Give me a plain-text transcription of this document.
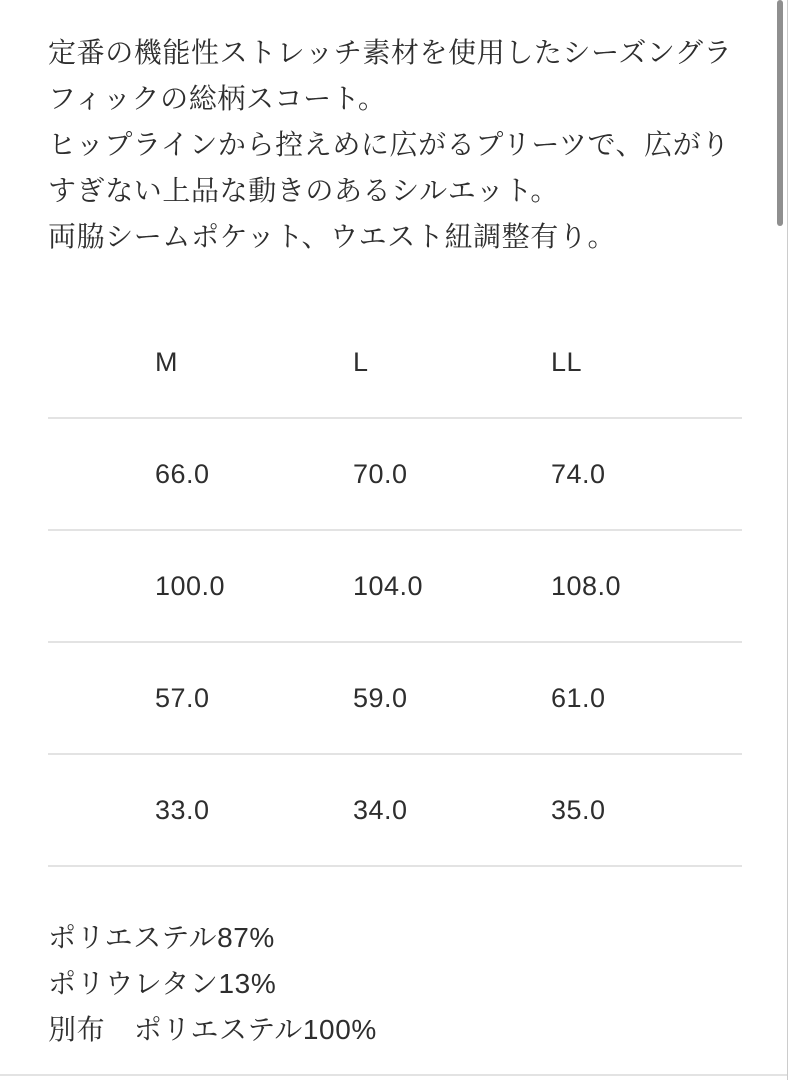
定番の機能性ストレッチ素材を使用したシーズングラ
フィックの総柄スコート。
ヒップラインから控えめに広がるプリーツで、広がり
すぎない上品な動きのあるシルエット。
両脇シームポケット、ウエスト紐調整有り。
M	L	LL
66.0	70.0	74.0
100.0	104.0	108.0
57.0	59.0	61.0
33.0	34.0	35.0
ポリエステル87%
ポリウレタン13%
別布　ポリエステル100%
